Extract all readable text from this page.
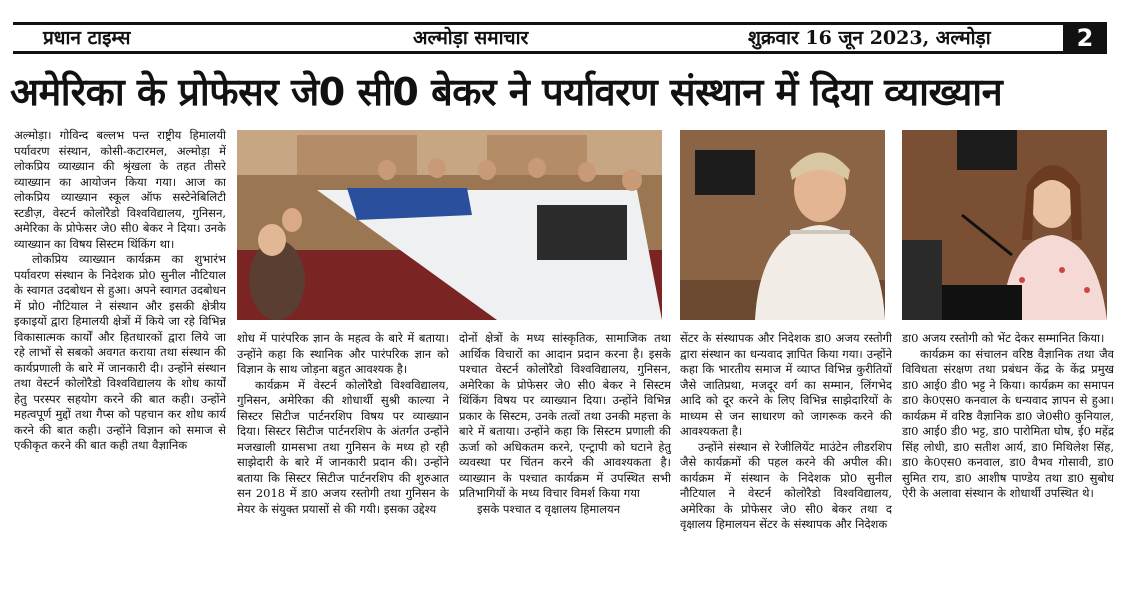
प्रधान टाइम्स	अल्मोड़ा समाचार	शुक्रवार 16 जून 2023, अल्मोड़ा	2
अमेरिका के प्रोफेसर जे0 सी0 बेकर ने पर्यावरण संस्थान में दिया व्याख्यान

अल्मोड़ा। गोविन्द बल्लभ पन्त राष्ट्रीय हिमालयी पर्यावरण संस्थान, कोसी-कटारमल, अल्मोड़ा में लोकप्रिय व्याख्यान की श्रृंखला के तहत तीसरे व्याख्यान का आयोजन किया गया। आज का लोकप्रिय व्याख्यान स्कूल ऑफ सस्टेनेबिलिटी स्टडीज़, वेस्टर्न कोलोरैडो विश्वविद्यालय, गुनिसन, अमेरिका के प्रोफेसर जे0 सी0 बेकर ने दिया। उनके व्याख्यान का विषय सिस्टम थिंकिंग था।

लोकप्रिय व्याख्यान कार्यक्रम का शुभारंभ पर्यावरण संस्थान के निदेशक प्रो0 सुनील नौटियाल के स्वागत उदबोधन से हुआ। अपने स्वागत उदबोधन में प्रो0 नौटियाल ने संस्थान और इसकी क्षेत्रीय इकाइयों द्वारा हिमालयी क्षेत्रों में किये जा रहे विभिन्न विकासात्मक कार्यों और हितधारकों द्वारा लिये जा रहे लाभों से सबको अवगत कराया तथा संस्थान की कार्यप्रणाली के बारे में जानकारी दी। उन्होंने संस्थान तथा वेस्टर्न कोलोरैडो विश्वविद्यालय के शोध कार्यों हेतु परस्पर सहयोग करने की बात कही। उन्होंने महत्वपूर्ण मुद्दों तथा गैप्स को पहचान कर शोध कार्य करने की बात कही। उन्होंने विज्ञान को समाज से एकीकृत करने की बात कही तथा वैज्ञानिक

शोध में पारंपरिक ज्ञान के महत्व के बारे में बताया। उन्होंने कहा कि स्थानिक और पारंपरिक ज्ञान को विज्ञान के साथ जोड़ना बहुत आवश्यक है।

कार्यक्रम में वेस्टर्न कोलोरैडो विश्वविद्यालय, गुनिसन, अमेरिका की शोधार्थी सुश्री काल्या ने सिस्टर सिटीज पार्टनरशिप विषय पर व्याख्यान दिया। सिस्टर सिटीज पार्टनरशिप के अंतर्गत उन्होंने मजखाली ग्रामसभा तथा गुनिसन के मध्य हो रही साझेदारी के बारे में जानकारी प्रदान की। उन्होंने बताया कि सिस्टर सिटीज पार्टनरशिप की शुरुआत सन 2018 में डा0 अजय रस्तोगी तथा गुनिसन के मेयर के संयुक्त प्रयासों से की गयी। इसका उद्देश्य

दोनों क्षेत्रों के मध्य सांस्कृतिक, सामाजिक तथा आर्थिक विचारों का आदान प्रदान करना है। इसके पश्चात वेस्टर्न कोलोरैडो विश्वविद्यालय, गुनिसन, अमेरिका के प्रोफेसर जे0 सी0 बेकर ने सिस्टम थिंकिंग विषय पर व्याख्यान दिया। उन्होंने विभिन्न प्रकार के सिस्टम, उनके तत्वों तथा उनकी महत्ता के बारे में बताया। उन्होंने कहा कि सिस्टम प्रणाली की ऊर्जा को अधिकतम करने, एन्ट्रापी को घटाने हेतु व्यवस्था पर चिंतन करने की आवश्यकता है। व्याख्यान के पश्चात कार्यक्रम में उपस्थित सभी प्रतिभागियों के मध्य विचार विमर्श किया गया

इसके पश्चात द वृक्षालय हिमालयन

सेंटर के संस्थापक और निदेशक डा0 अजय रस्तोगी द्वारा संस्थान का धन्यवाद ज्ञापित किया गया। उन्होंने कहा कि भारतीय समाज में व्याप्त विभिन्न कुरीतियों जैसे जातिप्रथा, मजदूर वर्ग का सम्मान, लिंगभेद आदि को दूर करने के लिए विभिन्न साझेदारियों के माध्यम से जन साधारण को जागरूक करने की आवश्यकता है।

उन्होंने संस्थान से रेजीलियेंट माउंटेन लीडरशिप जैसे कार्यक्रमों की पहल करने की अपील की। कार्यक्रम में संस्थान के निदेशक प्रो0 सुनील नौटियाल ने वेस्टर्न कोलोरैडो विश्वविद्यालय, अमेरिका के प्रोफेसर जे0 सी0 बेकर तथा द वृक्षालय हिमालयन सेंटर के संस्थापक और निदेशक

डा0 अजय रस्तोगी को भेंट देकर सम्मानित किया।

कार्यक्रम का संचालन वरिष्ठ वैज्ञानिक तथा जैव विविधता संरक्षण तथा प्रबंधन केंद्र के केंद्र प्रमुख डा0 आई0 डी0 भट्ट ने किया। कार्यक्रम का समापन डा0 के0एस0 कनवाल के धन्यवाद ज्ञापन से हुआ। कार्यक्रम में वरिष्ठ वैज्ञानिक डा0 जे0सी0 कुनियाल, डा0 आई0 डी0 भट्ट, डा0 पारोमिता घोष, ई0 महेंद्र सिंह लोधी, डा0 सतीश आर्य, डा0 मिथिलेश सिंह, डा0 के0एस0 कनवाल, डा0 वैभव गोसावी, डा0 सुमित राय, डा0 आशीष पाण्डेय तथा डा0 सुबोध ऐरी के अलावा संस्थान के शोधार्थी उपस्थित थे।
